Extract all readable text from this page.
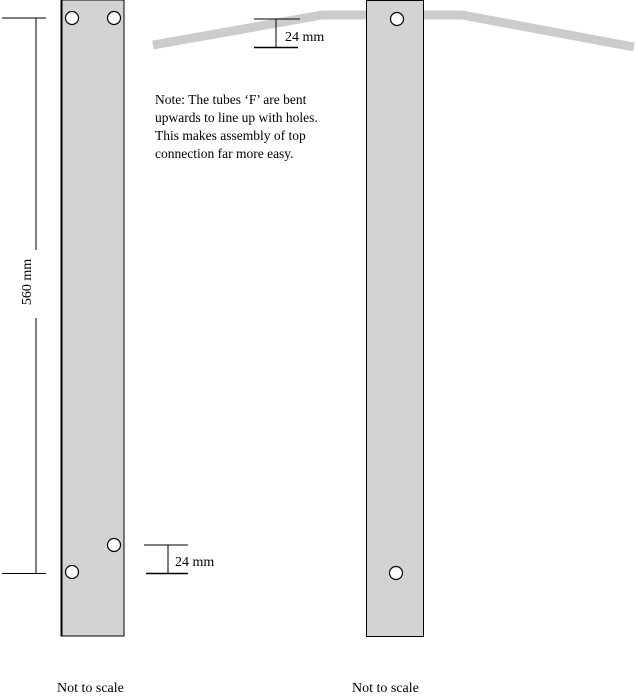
560 mm
24 mm
Not to scale
24 mm
Not to scale
Note: The tubes ‘F’ are bent
upwards to line up with holes.
This makes assembly of top
connection far more easy.
